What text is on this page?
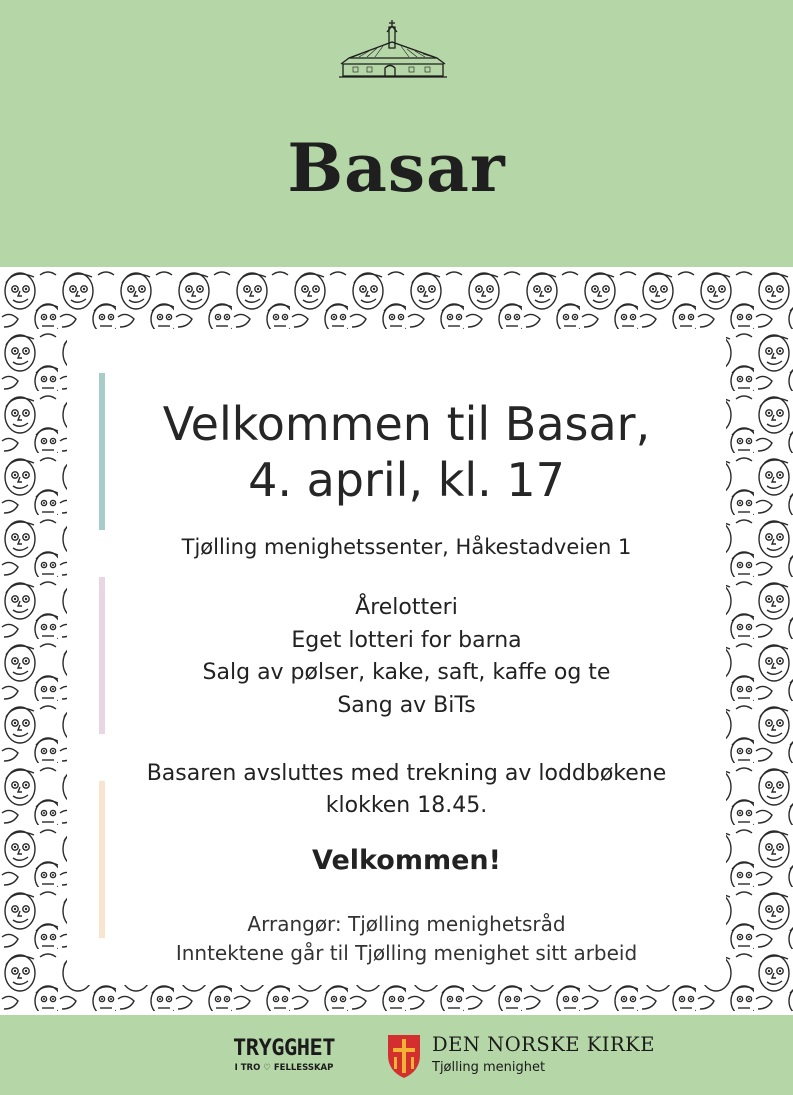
Basar
Velkommen til Basar,
4. april, kl. 17
Tjølling menighetssenter, Håkestadveien 1
Årelotteri
Eget lotteri for barna
Salg av pølser, kake, saft, kaffe og te
Sang av BiTs
Basaren avsluttes med trekning av loddbøkene
klokken 18.45.
Velkommen!
Arrangør: Tjølling menighetsråd
Inntektene går til Tjølling menighet sitt arbeid
TRYGGHET
I TRO ♡ FELLESSKAP
DEN NORSKE KIRKE
Tjølling menighet
